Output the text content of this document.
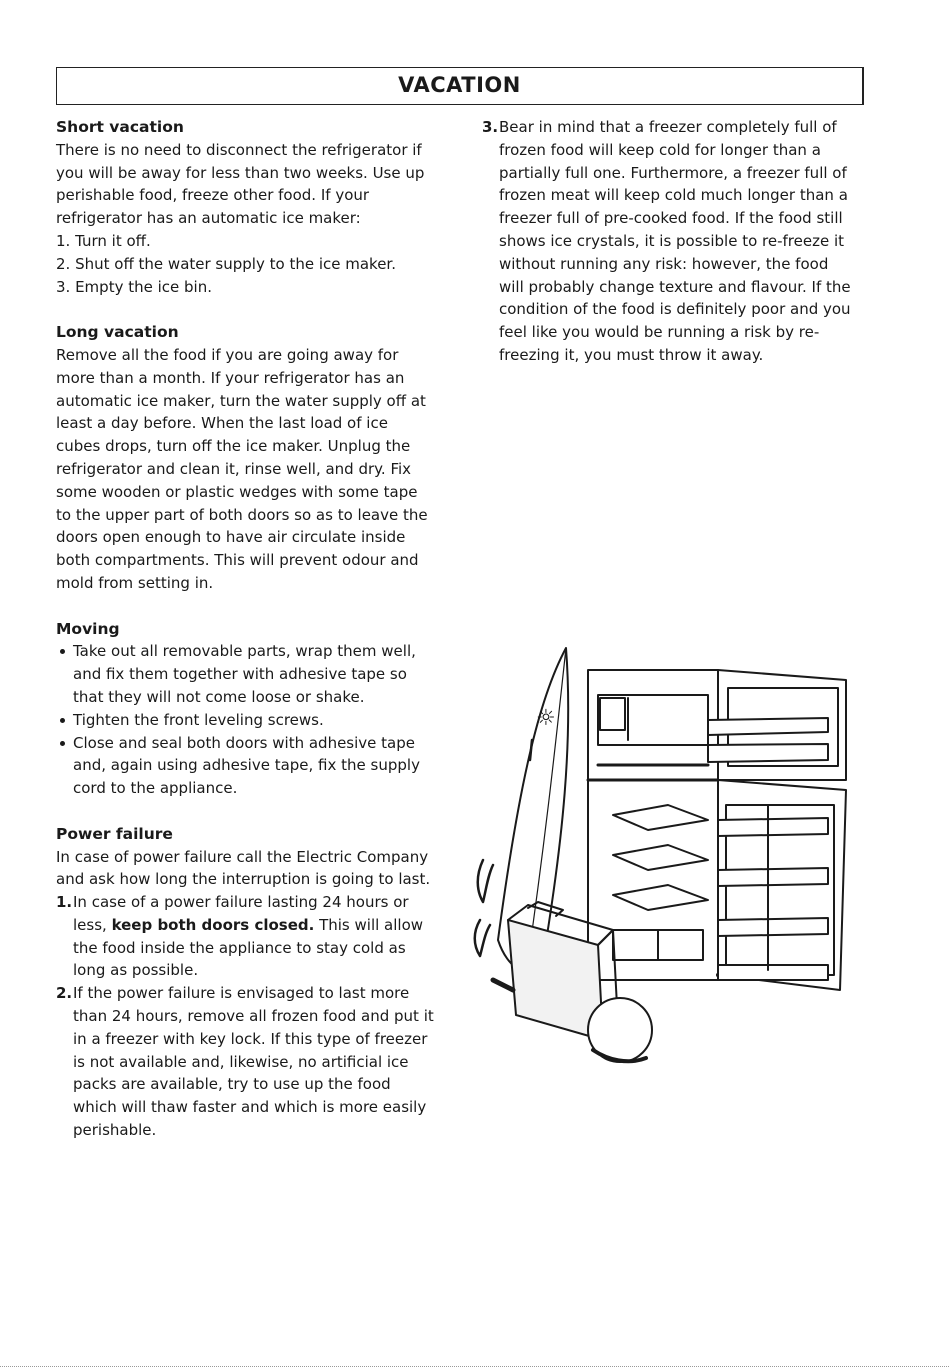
VACATION
Short vacation

There is no need to disconnect the refrigerator if you will be away for less than two weeks. Use up perishable food, freeze other food. If your refrigerator has an automatic ice maker:

1. Turn it off.
2. Shut off the water supply to the ice maker.
3. Empty the ice bin.
Long vacation

Remove all the food if you are going away for more than a month. If your refrigerator has an automatic ice maker, turn the water supply off at least a day before. When the last load of ice cubes drops, turn off the ice maker. Unplug the refrigerator and clean it, rinse well, and dry. Fix some wooden or plastic wedges with some tape to the upper part of both doors so as to leave the doors open enough to have air circulate inside both compartments. This will prevent odour and mold from setting in.

Moving
Take out all removable parts, wrap them well, and fix them together with adhesive tape so that they will not come loose or shake.
Tighten the front leveling screws.
Close and seal both doors with adhesive tape and, again using adhesive tape, fix the supply cord to the appliance.
Power failure

In case of power failure call the Electric Company and ask how long the interruption is going to last.

1. In case of a power failure lasting 24 hours or less, keep both doors closed. This will allow the food inside the appliance to stay cold as long as possible.
2. If the power failure is envisaged to last more than 24 hours, remove all frozen food and put it in a freezer with key lock. If this type of freezer is not available and, likewise, no artificial ice packs are available, try to use up the food which will thaw faster and which is more easily perishable.
3. Bear in mind that a freezer completely full of frozen food will keep cold for longer than a partially full one. Furthermore, a freezer full of frozen meat will keep cold much longer than a freezer full of pre-cooked food. If the food still shows ice crystals, it is possible to re-freeze it without running any risk: however, the food will probably change texture and flavour. If the condition of the food is definitely poor and you feel like you would be running a risk by re-freezing it, you must throw it away.
☼
